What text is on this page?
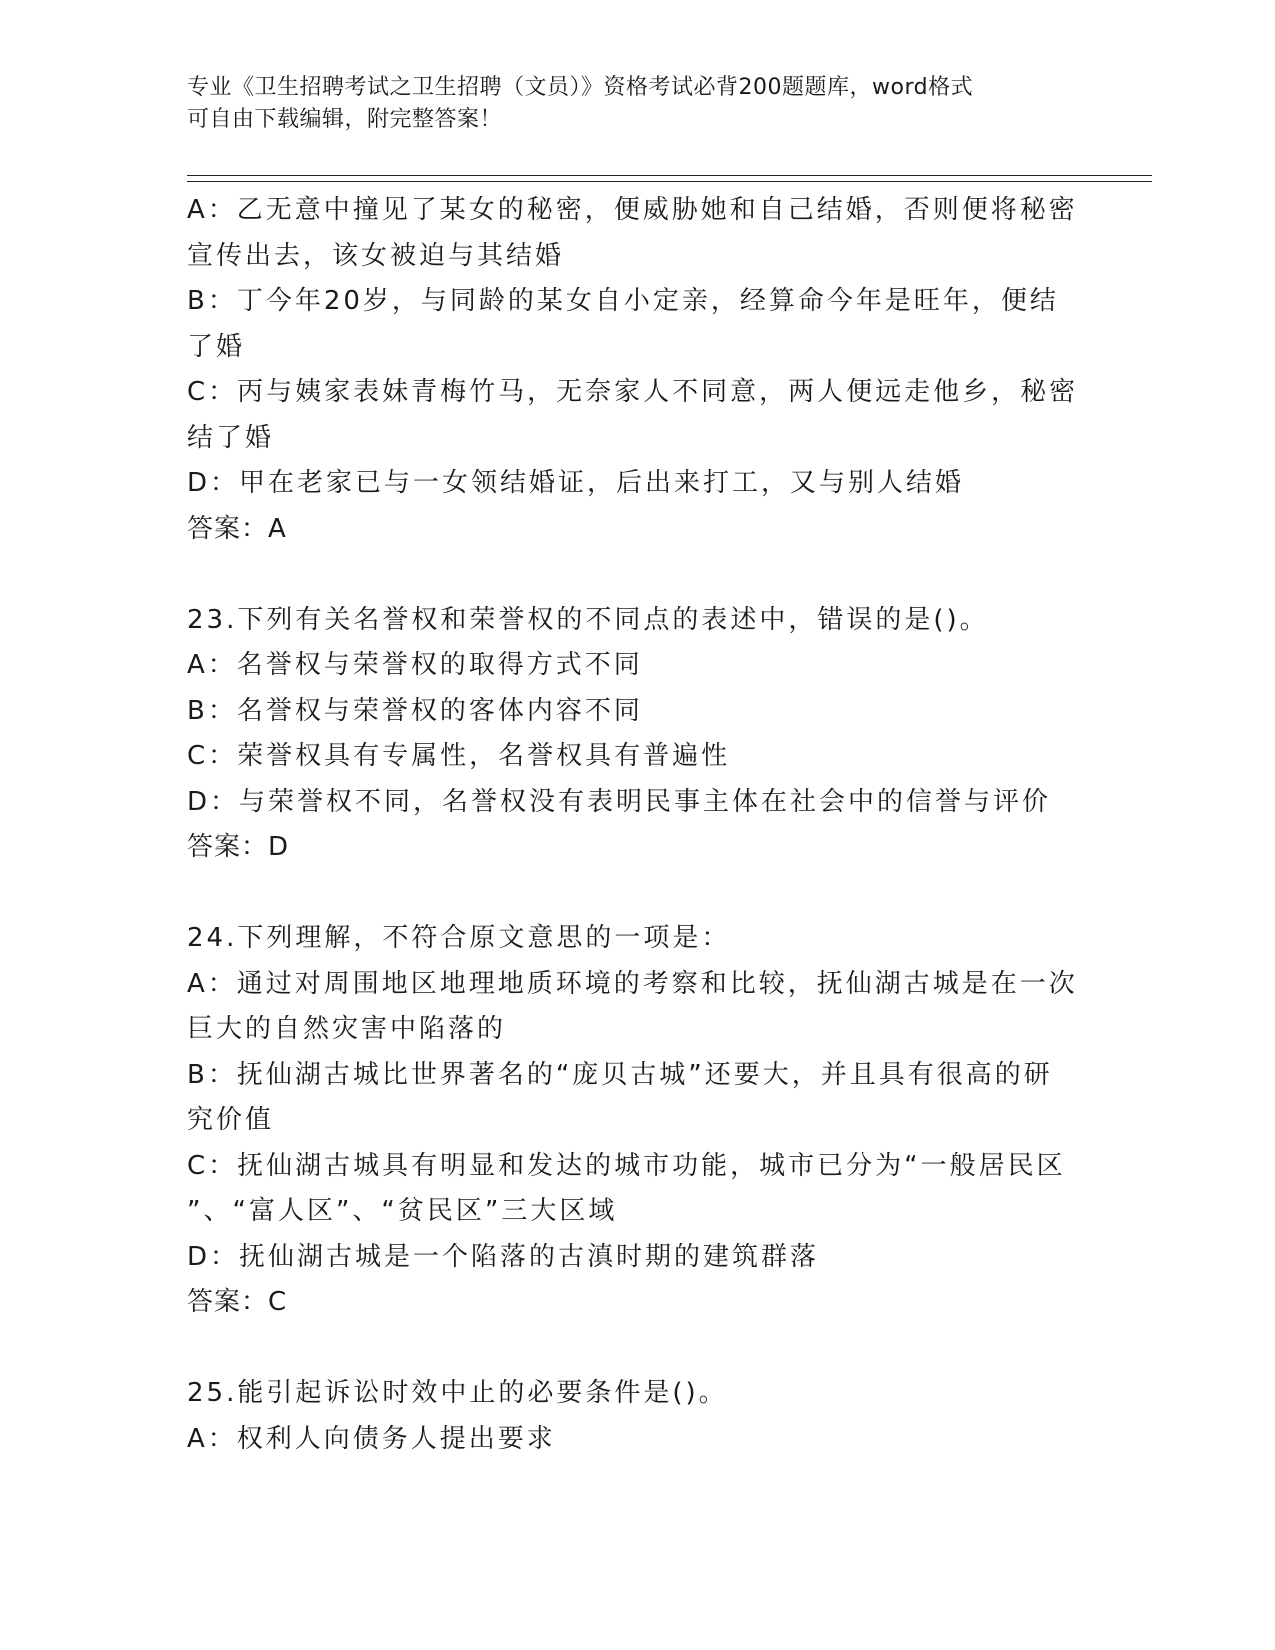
专业《卫生招聘考试之卫生招聘（文员）》资格考试必背200题题库，word格式
可自由下载编辑，附完整答案！
A：乙无意中撞见了某女的秘密，便威胁她和自己结婚，否则便将秘密
宣传出去，该女被迫与其结婚
B：丁今年20岁，与同龄的某女自小定亲，经算命今年是旺年，便结
了婚
C：丙与姨家表妹青梅竹马，无奈家人不同意，两人便远走他乡，秘密
结了婚
D：甲在老家已与一女领结婚证，后出来打工，又与别人结婚
答案：A
23.下列有关名誉权和荣誉权的不同点的表述中，错误的是()。
A：名誉权与荣誉权的取得方式不同
B：名誉权与荣誉权的客体内容不同
C：荣誉权具有专属性，名誉权具有普遍性
D：与荣誉权不同，名誉权没有表明民事主体在社会中的信誉与评价
答案：D
24.下列理解，不符合原文意思的一项是：
A：通过对周围地区地理地质环境的考察和比较，抚仙湖古城是在一次
巨大的自然灾害中陷落的
B：抚仙湖古城比世界著名的“庞贝古城”还要大，并且具有很高的研
究价值
C：抚仙湖古城具有明显和发达的城市功能，城市已分为“一般居民区
”、“富人区”、“贫民区”三大区域
D：抚仙湖古城是一个陷落的古滇时期的建筑群落
答案：C
25.能引起诉讼时效中止的必要条件是()。
A：权利人向债务人提出要求
